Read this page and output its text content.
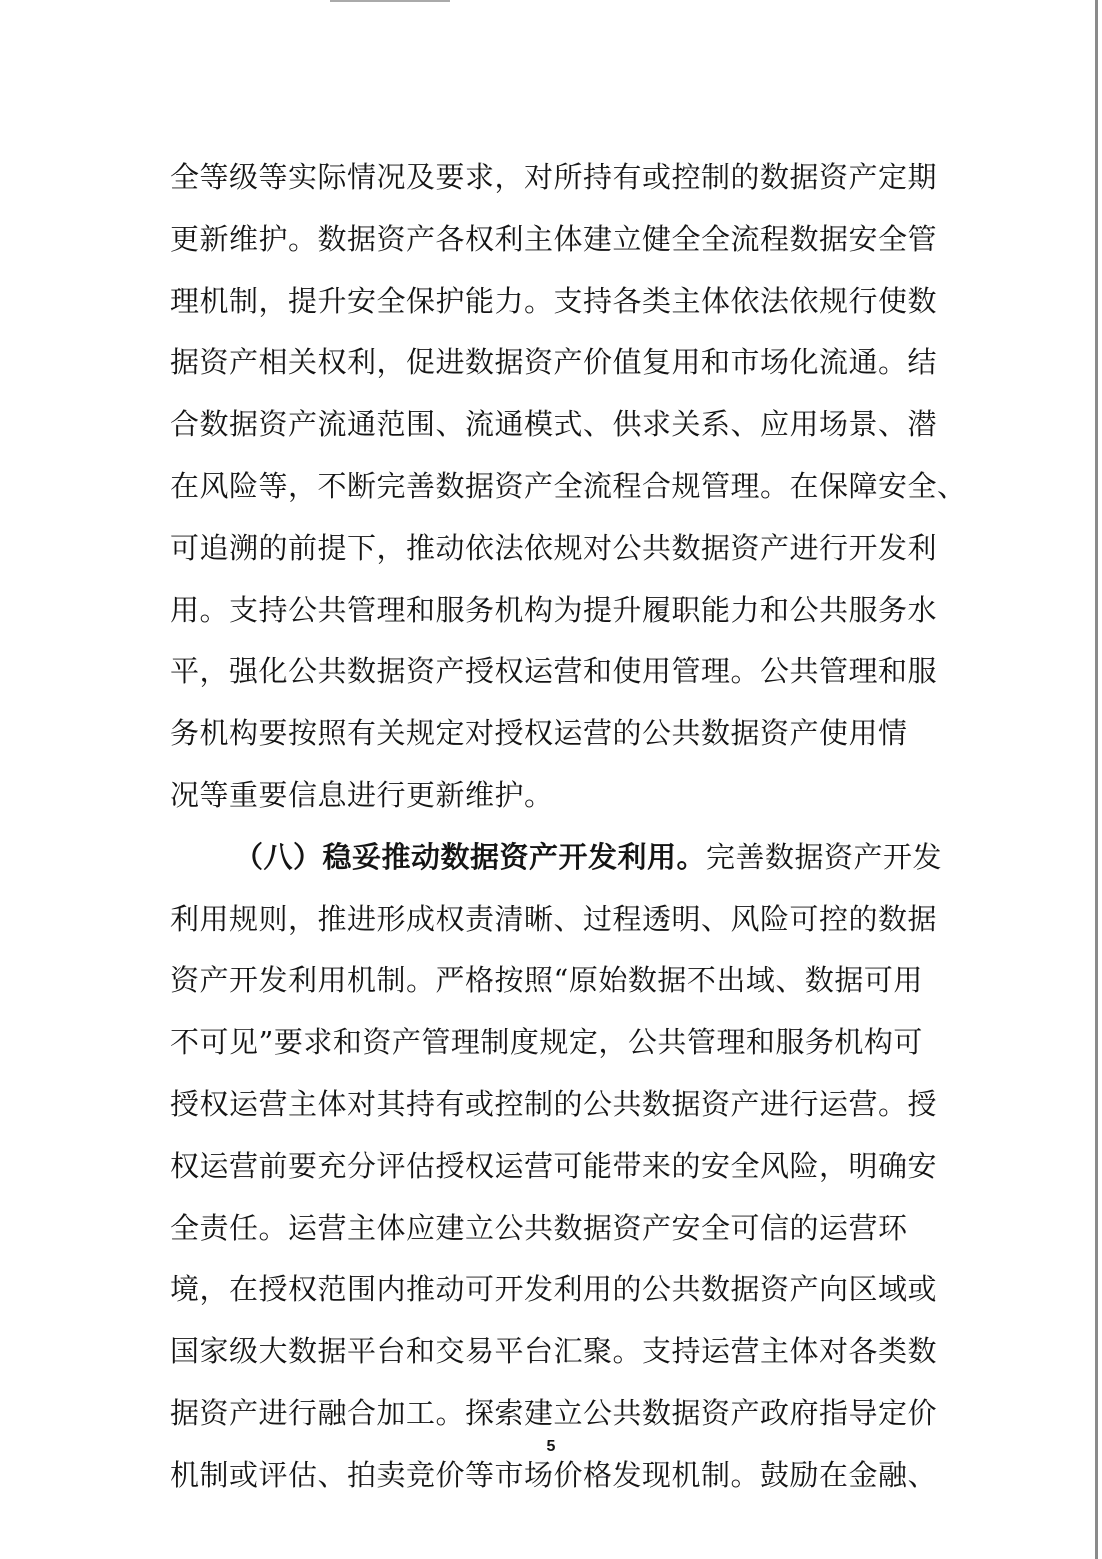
全等级等实际情况及要求，对所持有或控制的数据资产定期
更新维护。数据资产各权利主体建立健全全流程数据安全管
理机制，提升安全保护能力。支持各类主体依法依规行使数
据资产相关权利，促进数据资产价值复用和市场化流通。结
合数据资产流通范围、流通模式、供求关系、应用场景、潜
在风险等，不断完善数据资产全流程合规管理。在保障安全、
可追溯的前提下，推动依法依规对公共数据资产进行开发利
用。支持公共管理和服务机构为提升履职能力和公共服务水
平，强化公共数据资产授权运营和使用管理。公共管理和服
务机构要按照有关规定对授权运营的公共数据资产使用情
况等重要信息进行更新维护。
（八）稳妥推动数据资产开发利用。完善数据资产开发
利用规则，推进形成权责清晰、过程透明、风险可控的数据
资产开发利用机制。严格按照“原始数据不出域、数据可用
不可见”要求和资产管理制度规定，公共管理和服务机构可
授权运营主体对其持有或控制的公共数据资产进行运营。授
权运营前要充分评估授权运营可能带来的安全风险，明确安
全责任。运营主体应建立公共数据资产安全可信的运营环
境，在授权范围内推动可开发利用的公共数据资产向区域或
国家级大数据平台和交易平台汇聚。支持运营主体对各类数
据资产进行融合加工。探索建立公共数据资产政府指导定价
机制或评估、拍卖竞价等市场价格发现机制。鼓励在金融、
5
